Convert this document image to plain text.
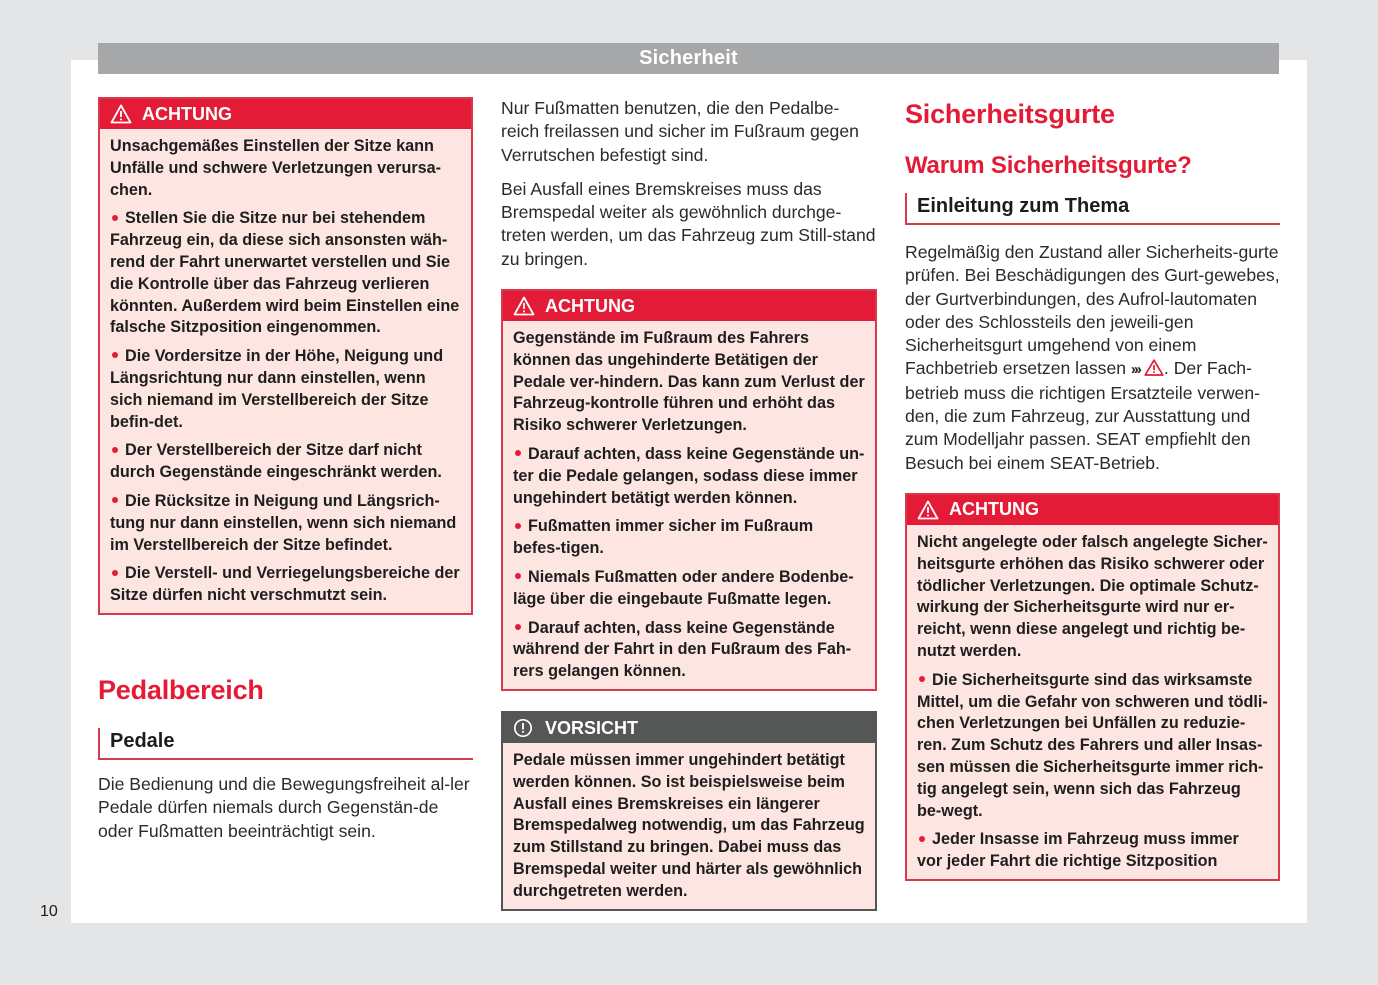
Sicherheit
10
ACHTUNG

Unsachgemäßes Einstellen der Sitze kann Unfälle und schwere Verletzungen verursa-chen.

Stellen Sie die Sitze nur bei stehendem Fahrzeug ein, da diese sich ansonsten wäh-rend der Fahrt unerwartet verstellen und Sie die Kontrolle über das Fahrzeug verlieren könnten. Außerdem wird beim Einstellen eine falsche Sitzposition eingenommen.

Die Vordersitze in der Höhe, Neigung und Längsrichtung nur dann einstellen, wenn sich niemand im Verstellbereich der Sitze befin-det.

Der Verstellbereich der Sitze darf nicht durch Gegenstände eingeschränkt werden.

Die Rücksitze in Neigung und Längsrich-tung nur dann einstellen, wenn sich niemand im Verstellbereich der Sitze befindet.

Die Verstell- und Verriegelungsbereiche der Sitze dürfen nicht verschmutzt sein.

Pedalbereich
Pedale

Die Bedienung und die Bewegungsfreiheit al-ler Pedale dürfen niemals durch Gegenstän-de oder Fußmatten beeinträchtigt sein.

Nur Fußmatten benutzen, die den Pedalbe-reich freilassen und sicher im Fußraum gegen Verrutschen befestigt sind.

Bei Ausfall eines Bremskreises muss das Bremspedal weiter als gewöhnlich durchge-treten werden, um das Fahrzeug zum Still-stand zu bringen.

ACHTUNG

Gegenstände im Fußraum des Fahrers können das ungehinderte Betätigen der Pedale ver-hindern. Das kann zum Verlust der Fahrzeug-kontrolle führen und erhöht das Risiko schwerer Verletzungen.

Darauf achten, dass keine Gegenstände un-ter die Pedale gelangen, sodass diese immer ungehindert betätigt werden können.

Fußmatten immer sicher im Fußraum befes-tigen.

Niemals Fußmatten oder andere Bodenbe-läge über die eingebaute Fußmatte legen.

Darauf achten, dass keine Gegenstände während der Fahrt in den Fußraum des Fah-rers gelangen können.

VORSICHT

Pedale müssen immer ungehindert betätigt werden können. So ist beispielsweise beim Ausfall eines Bremskreises ein längerer Bremspedalweg notwendig, um das Fahrzeug zum Stillstand zu bringen. Dabei muss das Bremspedal weiter und härter als gewöhnlich durchgetreten werden.

Sicherheitsgurte
Warum Sicherheitsgurte?
Einleitung zum Thema

Regelmäßig den Zustand aller Sicherheits-gurte prüfen. Bei Beschädigungen des Gurt-gewebes, der Gurtverbindungen, des Aufrol-lautomaten oder des Schlossteils den jeweili-gen Sicherheitsgurt umgehend von einem Fachbetrieb ersetzen lassen ››› . Der Fach-betrieb muss die richtigen Ersatzteile verwen-den, die zum Fahrzeug, zur Ausstattung und zum Modelljahr passen. SEAT empfiehlt den Besuch bei einem SEAT-Betrieb.

ACHTUNG

Nicht angelegte oder falsch angelegte Sicher-heitsgurte erhöhen das Risiko schwerer oder tödlicher Verletzungen. Die optimale Schutz-wirkung der Sicherheitsgurte wird nur er-reicht, wenn diese angelegt und richtig be-nutzt werden.

Die Sicherheitsgurte sind das wirksamste Mittel, um die Gefahr von schweren und tödli-chen Verletzungen bei Unfällen zu reduzie-ren. Zum Schutz des Fahrers und aller Insas-sen müssen die Sicherheitsgurte immer rich-tig angelegt sein, wenn sich das Fahrzeug be-wegt.

Jeder Insasse im Fahrzeug muss immer vor jeder Fahrt die richtige Sitzposition
